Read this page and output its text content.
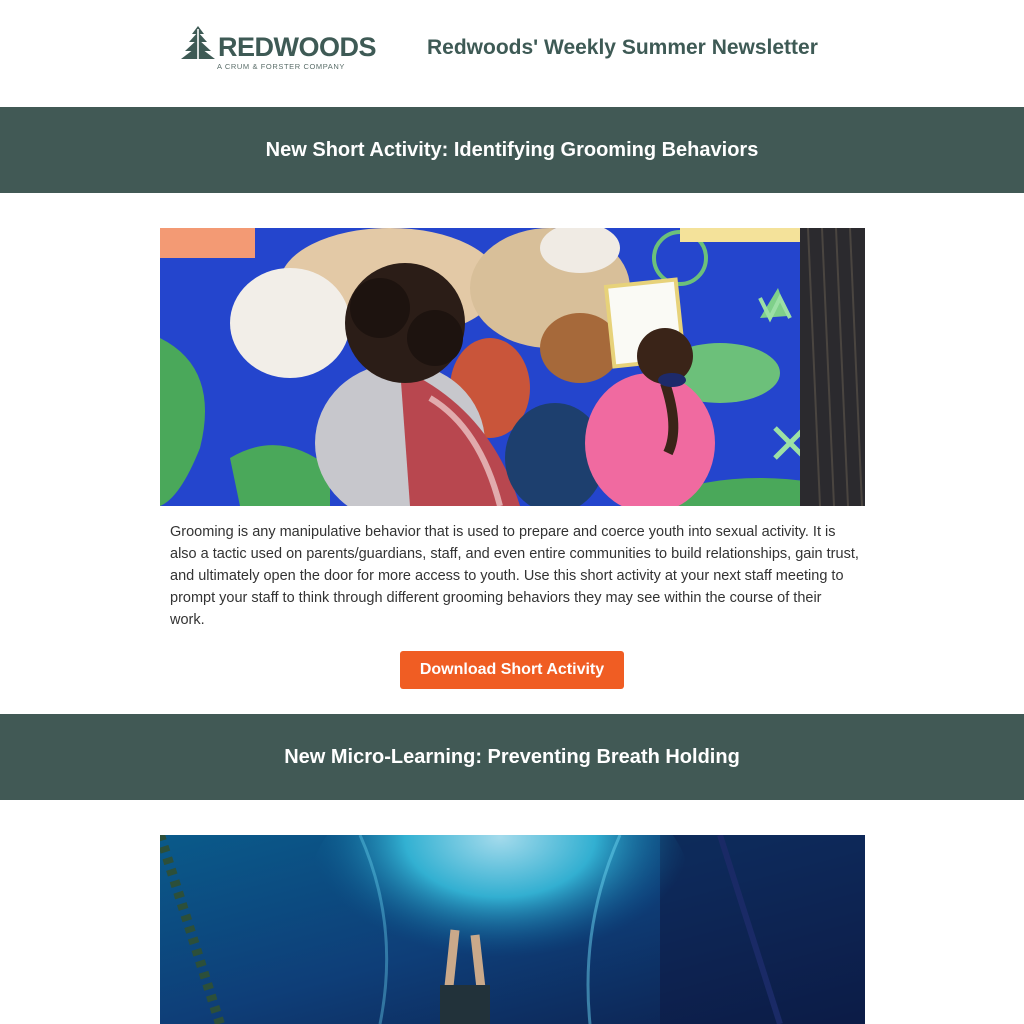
REDWOODS
A CRUM & FORSTER COMPANY
Redwoods' Weekly Summer Newsletter
New Short Activity: Identifying Grooming Behaviors
Grooming is any manipulative behavior that is used to prepare and coerce youth into sexual activity. It is also a tactic used on parents/guardians, staff, and even entire communities to build relationships, gain trust, and ultimately open the door for more access to youth. Use this short activity at your next staff meeting to prompt your staff to think through different grooming behaviors they may see within the course of their work.
Download Short Activity
New Micro-Learning: Preventing Breath Holding
